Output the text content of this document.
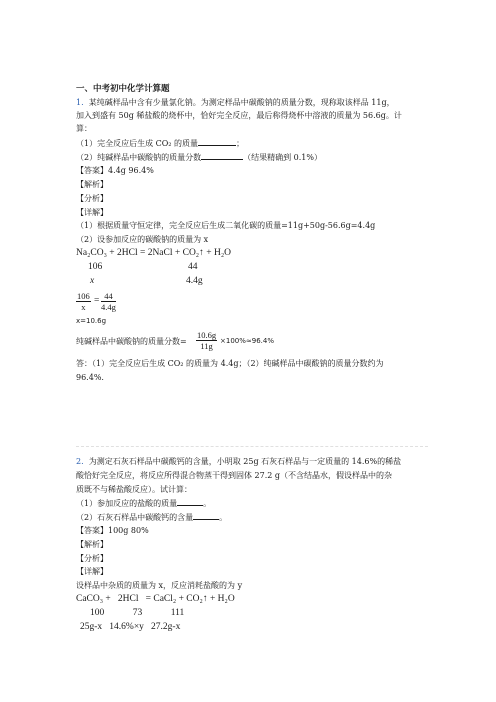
一、中考初中化学计算题
1. 某纯碱样品中含有少量氯化钠。为测定样品中碳酸钠的质量分数，现称取该样品 11g，
加入到盛有 50g 稀盐酸的烧杯中，恰好完全反应，最后称得烧杯中溶液的质量为 56.6g。计
算：
（1）完全反应后生成 CO₂ 的质量	；
（2）纯碱样品中碳酸钠的质量分数	（结果精确到 0.1%）
【答案】4.4g 96.4%
【解析】
【分析】
【详解】
（1）根据质量守恒定律，完全反应后生成二氧化碳的质量=11g+50g-56.6g=4.4g
（2）设参加反应的碳酸钠的质量为 x
Na₂CO₃ + 2HCl = 2NaCl + CO₂↑ + H₂O
106	44
x	4.4g
$\frac{106}{x} = \frac{44}{4.4g}$
x=10.6g
纯碱样品中碳酸钠的质量分数= $\frac{10.6g}{11g} \times 100\%\approx 96.4\%$
答：（1）完全反应后生成 CO₂ 的质量为 4.4g；（2）纯碱样品中碳酸钠的质量分数约为
96.4%.
2. 为测定石灰石样品中碳酸钙的含量，小明取 25g 石灰石样品与一定质量的 14.6%的稀盐
酸恰好完全反应，将反应所得混合物蒸干得到固体 27.2 g（不含结晶水，假设样品中的杂
质既不与稀盐酸反应）。试计算：
（1）参加反应的盐酸的质量	。
（2）石灰石样品中碳酸钙的含量	。
【答案】100g 80%
【解析】
【分析】
【详解】
设样品中杂质的质量为 x，反应消耗盐酸的为 y
CaCO₃ +   2HCl   = CaCl₂ + CO₂↑ + H₂O
100            73            111
25g-x   14.6%×y   27.2g-x
